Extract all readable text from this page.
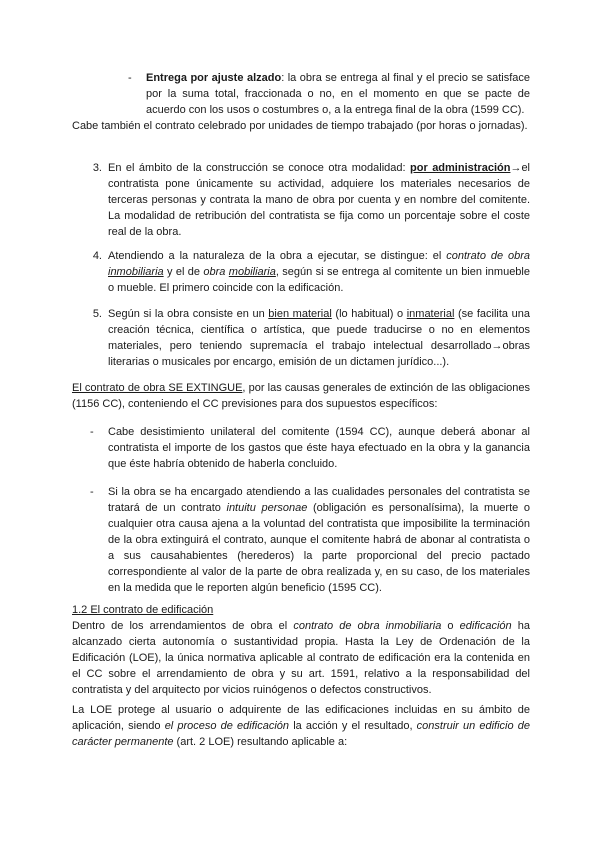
-	Entrega por ajuste alzado: la obra se entrega al final y el precio se satisface por la suma total, fraccionada o no, en el momento en que se pacte de acuerdo con los usos o costumbres o, a la entrega final de la obra (1599 CC).

Cabe también el contrato celebrado por unidades de tiempo trabajado (por horas o jornadas).

3. En el ámbito de la construcción se conoce otra modalidad: por administración→el contratista pone únicamente su actividad, adquiere los materiales necesarios de terceras personas y contrata la mano de obra por cuenta y en nombre del comitente. La modalidad de retribución del contratista se fija como un porcentaje sobre el coste real de la obra.

4. Atendiendo a la naturaleza de la obra a ejecutar, se distingue: el contrato de obra inmobiliaria y el de obra mobiliaria, según si se entrega al comitente un bien inmueble o mueble. El primero coincide con la edificación.

5. Según si la obra consiste en un bien material (lo habitual) o inmaterial (se facilita una creación técnica, científica o artística, que puede traducirse o no en elementos materiales, pero teniendo supremacía el trabajo intelectual desarrollado→obras literarias o musicales por encargo, emisión de un dictamen jurídico...).

El contrato de obra SE EXTINGUE, por las causas generales de extinción de las obligaciones (1156 CC), conteniendo el CC previsiones para dos supuestos específicos:

-	Cabe desistimiento unilateral del comitente (1594 CC), aunque deberá abonar al contratista el importe de los gastos que éste haya efectuado en la obra y la ganancia que éste habría obtenido de haberla concluido.

-	Si la obra se ha encargado atendiendo a las cualidades personales del contratista se tratará de un contrato intuitu personae (obligación es personalísima), la muerte o cualquier otra causa ajena a la voluntad del contratista que imposibilite la terminación de la obra extinguirá el contrato, aunque el comitente habrá de abonar al contratista o a sus causahabientes (herederos) la parte proporcional del precio pactado correspondiente al valor de la parte de obra realizada y, en su caso, de los materiales en la medida que le reporten algún beneficio (1595 CC).

1.2 El contrato de edificación

Dentro de los arrendamientos de obra el contrato de obra inmobiliaria o edificación ha alcanzado cierta autonomía o sustantividad propia. Hasta la Ley de Ordenación de la Edificación (LOE), la única normativa aplicable al contrato de edificación era la contenida en el CC sobre el arrendamiento de obra y su art. 1591, relativo a la responsabilidad del contratista y del arquitecto por vicios ruinógenos o defectos constructivos.

La LOE protege al usuario o adquirente de las edificaciones incluidas en su ámbito de aplicación, siendo el proceso de edificación la acción y el resultado, construir un edificio de carácter permanente (art. 2 LOE) resultando aplicable a:
